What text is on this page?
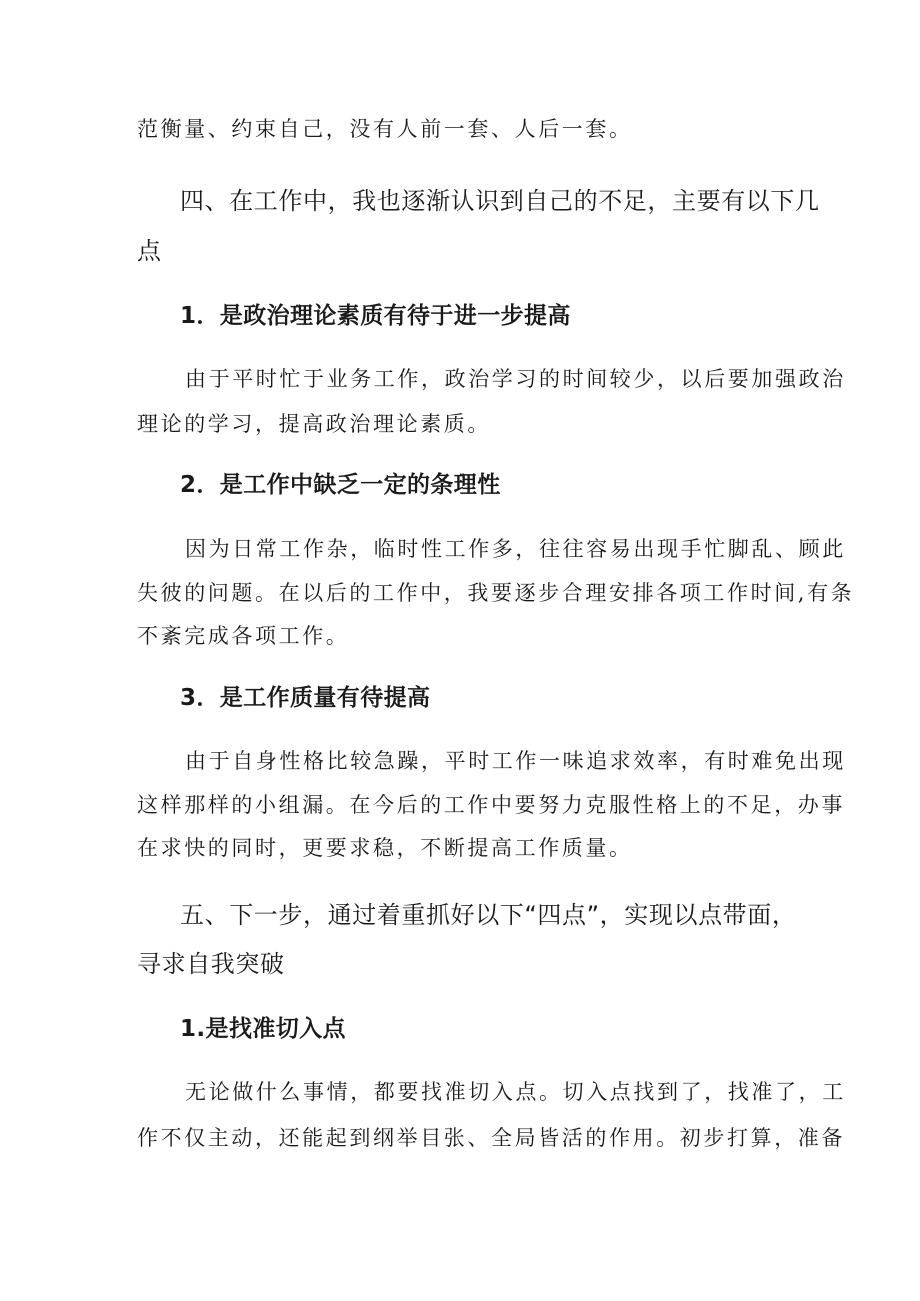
范衡量、约束自己，没有人前一套、人后一套。

四、在工作中，我也逐渐认识到自己的不足，主要有以下几
点
1．是政治理论素质有待于进一步提高

由于平时忙于业务工作，政治学习的时间较少，以后要加强政治

理论的学习，提高政治理论素质。

2．是工作中缺乏一定的条理性

因为日常工作杂，临时性工作多，往往容易出现手忙脚乱、顾此

失彼的问题。在以后的工作中，我要逐步合理安排各项工作时间,有条

不紊完成各项工作。

3．是工作质量有待提高

由于自身性格比较急躁，平时工作一味追求效率，有时难免出现

这样那样的小组漏。在今后的工作中要努力克服性格上的不足，办事

在求快的同时，更要求稳，不断提高工作质量。

五、下一步，通过着重抓好以下“四点”，实现以点带面，
寻求自我突破
1.是找准切入点

无论做什么事情，都要找准切入点。切入点找到了，找准了，工

作不仅主动，还能起到纲举目张、全局皆活的作用。初步打算，准备
